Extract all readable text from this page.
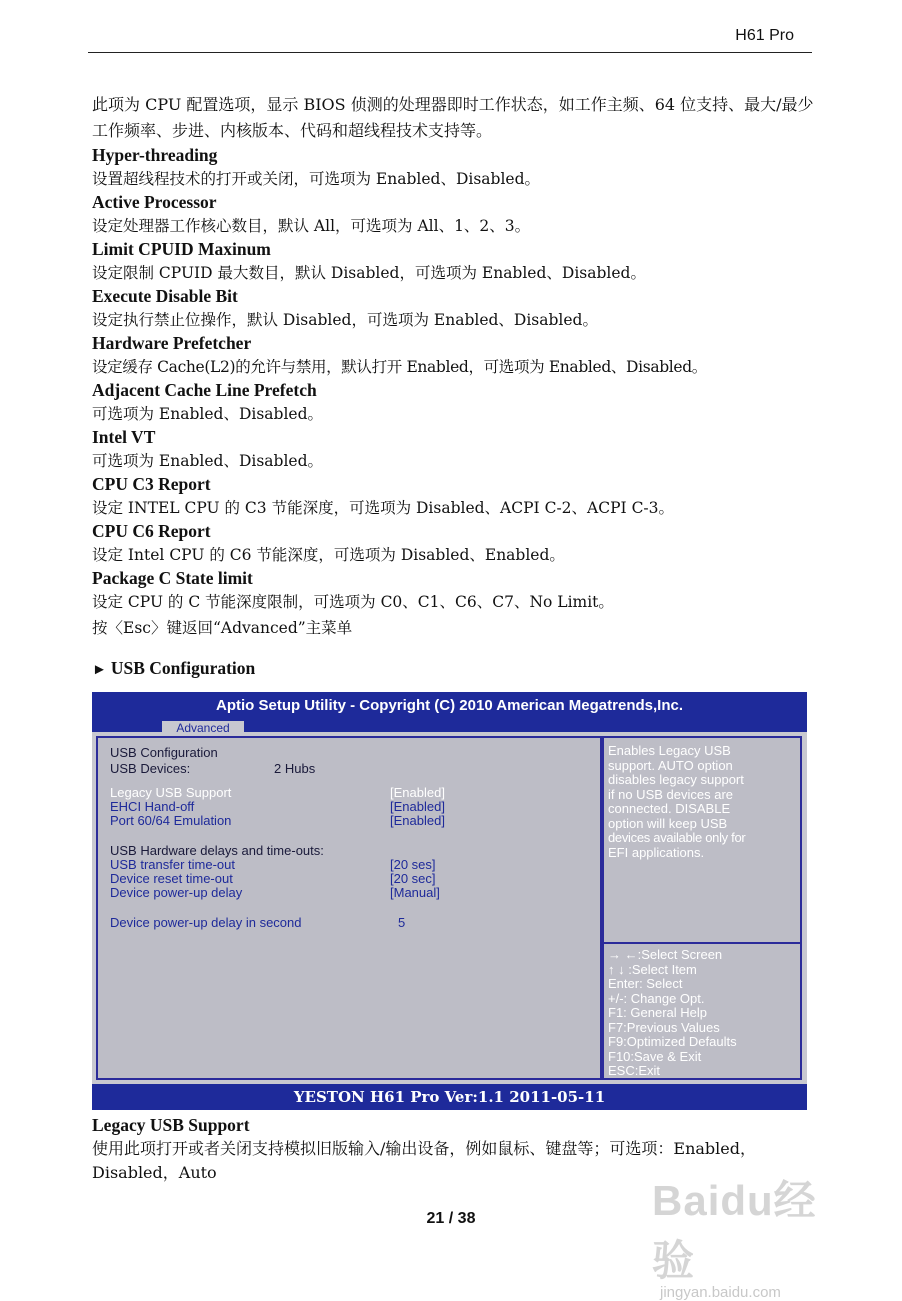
H61 Pro

此项为 CPU 配置选项，显示 BIOS 侦测的处理器即时工作状态，如工作主频、64 位支持、最大/最少工作频率、步进、内核版本、代码和超线程技术支持等。

Hyper-threading

设置超线程技术的打开或关闭，可选项为 Enabled、Disabled。

Active Processor

设定处理器工作核心数目，默认 All，可选项为 All、1、2、3。

Limit CPUID Maxinum

设定限制 CPUID 最大数目，默认 Disabled，可选项为 Enabled、Disabled。

Execute Disable Bit

设定执行禁止位操作，默认 Disabled，可选项为 Enabled、Disabled。

Hardware Prefetcher

设定缓存 Cache(L2)的允许与禁用，默认打开 Enabled，可选项为 Enabled、Disabled。

Adjacent Cache Line Prefetch

可选项为 Enabled、Disabled。

Intel VT

可选项为 Enabled、Disabled。

CPU C3 Report

设定 INTEL CPU 的 C3 节能深度，可选项为 Disabled、ACPI C-2、ACPI C-3。

CPU C6 Report

设定 Intel CPU 的 C6 节能深度，可选项为 Disabled、Enabled。

Package C State limit

设定 CPU 的 C 节能深度限制，可选项为 C0、C1、C6、C7、No Limit。

按〈Esc〉键返回“Advanced”主菜单

► USB Configuration
Aptio Setup Utility - Copyright (C) 2010 American Megatrends,Inc.
Advanced
USB Configuration
USB Devices:	2 Hubs
Legacy USB Support	[Enabled]
EHCI Hand-off	[Enabled]
Port 60/64 Emulation	[Enabled]
USB Hardware delays and time-outs:
USB transfer time-out	[20 ses]
Device reset time-out	[20 sec]
Device power-up delay	[Manual]
Device power-up delay in second	5
Enables Legacy USB
support. AUTO option
disables legacy support
if no USB devices are
connected. DISABLE
option will keep USB
devices available only for
EFI applications.
→ ←:Select Screen
↑ ↓ :Select Item
Enter: Select
+/-: Change Opt.
F1: General Help
F7:Previous Values
F9:Optimized Defaults
F10:Save & Exit
ESC:Exit
YESTON H61 Pro Ver:1.1 2011-05-11

Legacy USB Support

使用此项打开或者关闭支持模拟旧版输入/输出设备，例如鼠标、键盘等；可选项：Enabled，Disabled，Auto

Baidu经验
jingyan.baidu.com
21 / 38
